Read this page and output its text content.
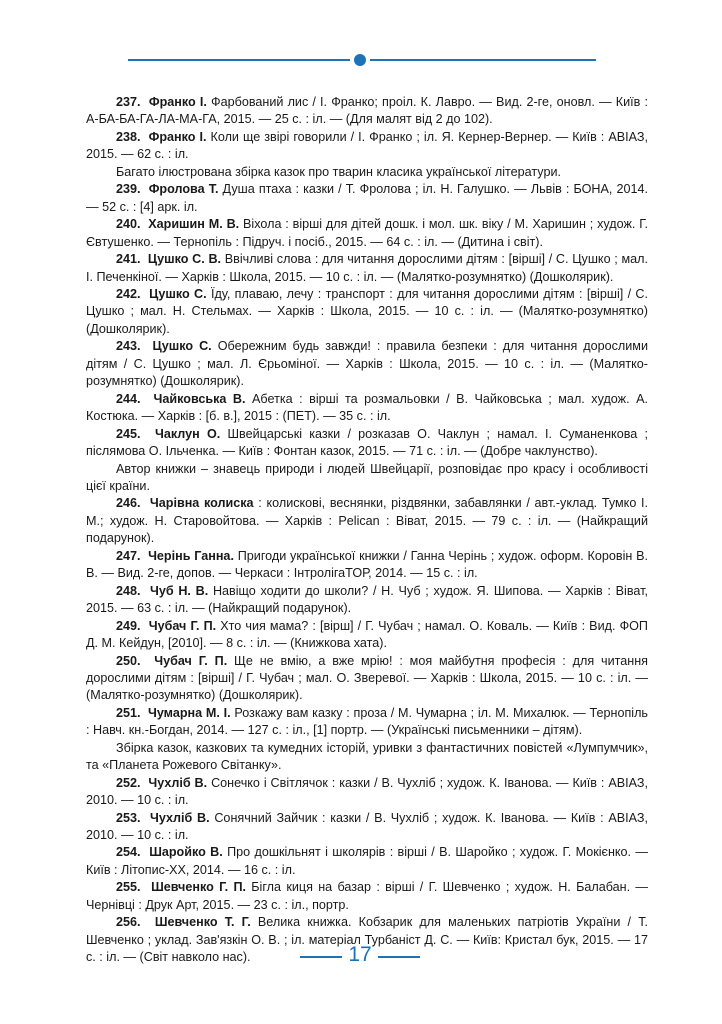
237. Франко І. Фарбований лис / І. Франко; проіл. К. Лавро. — Вид. 2-ге, оновл. — Київ : А-БА-БА-ГА-ЛА-МА-ГА, 2015. — 25 с. : іл. — (Для малят від 2 до 102).

238. Франко І. Коли ще звірі говорили / І. Франко ; іл. Я. Кернер-Вернер. — Київ : АВІАЗ, 2015. — 62 с. : іл.

Багато ілюстрована збірка казок про тварин класика української літератури.

239. Фролова Т. Душа птаха : казки / Т. Фролова ; іл. Н. Галушко. — Львів : БОНА, 2014. — 52 с. : [4] арк. іл.

240. Харишин М. В. Віхола : вірші для дітей дошк. і мол. шк. віку / М. Харишин ; худож. Г. Євтушенко. — Тернопіль : Підруч. і посіб., 2015. — 64 с. : іл. — (Дитина і світ).

241. Цушко С. В. Ввічливі слова : для читання дорослими дітям : [вірші] / С. Цушко ; мал. І. Печенкіної. — Харків : Школа, 2015. — 10 с. : іл. — (Малятко-розумнятко) (Дошколярик).

242. Цушко С. Їду, плаваю, лечу : транспорт : для читання дорослими дітям : [вірші] / С. Цушко ; мал. Н. Стельмах. — Харків : Школа, 2015. — 10 с. : іл. — (Малятко-розумнятко) (Дошколярик).

243. Цушко С. Обережним будь завжди! : правила безпеки : для читання дорослими дітям / С. Цушко ; мал. Л. Єрьоміної. — Харків : Школа, 2015. — 10 с. : іл. — (Малятко-розумнятко) (Дошколярик).

244. Чайковська В. Абетка : вірші та розмальовки / В. Чайковська ; мал. худож. А. Костюка. — Харків : [б. в.], 2015 : (ПЕТ). — 35 с. : іл.

245. Чаклун О. Швейцарські казки / розказав О. Чаклун ; намал. І. Суманенкова ; післямова О. Ільченка. — Київ : Фонтан казок, 2015. — 71 с. : іл. — (Добре чаклунство).

Автор книжки – знавець природи і людей Швейцарії, розповідає про красу і особливості цієї країни.

246. Чарівна колиска : колискові, веснянки, різдвянки, забавлянки / авт.-уклад. Тумко І. М.; худож. Н. Старовойтова. — Харків : Pelican : Віват, 2015. — 79 с. : іл. — (Найкращий подарунок).

247. Черінь Ганна. Пригоди української книжки / Ганна Черінь ; худож. оформ. Коровін В. В. — Вид. 2-ге, допов. — Черкаси : ІнтролігаТОР, 2014. — 15 с. : іл.

248. Чуб Н. В. Навіщо ходити до школи? / Н. Чуб ; худож. Я. Шипова. — Харків : Віват, 2015. — 63 с. : іл. — (Найкращий подарунок).

249. Чубач Г. П. Хто чия мама? : [вірш] / Г. Чубач ; намал. О. Коваль. — Київ : Вид. ФОП Д. М. Кейдун, [2010]. — 8 с. : іл. — (Книжкова хата).

250. Чубач Г. П. Ще не вмію, а вже мрію! : моя майбутня професія : для читання дорослими дітям : [вірші] / Г. Чубач ; мал. О. Зверевої. — Харків : Школа, 2015. — 10 с. : іл. — (Малятко-розумнятко) (Дошколярик).

251. Чумарна М. І. Розкажу вам казку : проза / М. Чумарна ; іл. М. Михалюк. — Тернопіль : Навч. кн.-Богдан, 2014. — 127 с. : іл., [1] портр. — (Українські письменники – дітям).

Збірка казок, казкових та кумедних історій, уривки з фантастичних повістей «Лумпумчик», та «Планета Рожевого Світанку».

252. Чухліб В. Сонечко і Світлячок : казки / В. Чухліб ; худож. К. Іванова. — Київ : АВІАЗ, 2010. — 10 с. : іл.

253. Чухліб В. Сонячний Зайчик : казки / В. Чухліб ; худож. К. Іванова. — Київ : АВІАЗ, 2010. — 10 с. : іл.

254. Шаройко В. Про дошкільнят і школярів : вірші / В. Шаройко ; худож. Г. Мокієнко. — Київ : Літопис-ХХ, 2014. — 16 с. : іл.

255. Шевченко Г. П. Бігла киця на базар : вірші / Г. Шевченко ; худож. Н. Балабан. — Чернівці : Друк Арт, 2015. — 23 с. : іл., портр.

256. Шевченко Т. Г. Велика книжка. Кобзарик для маленьких патріотів України / Т. Шевченко ; уклад. Зав'язкін О. В. ; іл. матеріал Турбаніст Д. С. — Київ: Кристал бук, 2015. — 17 с. : іл. — (Світ навколо нас).	17
